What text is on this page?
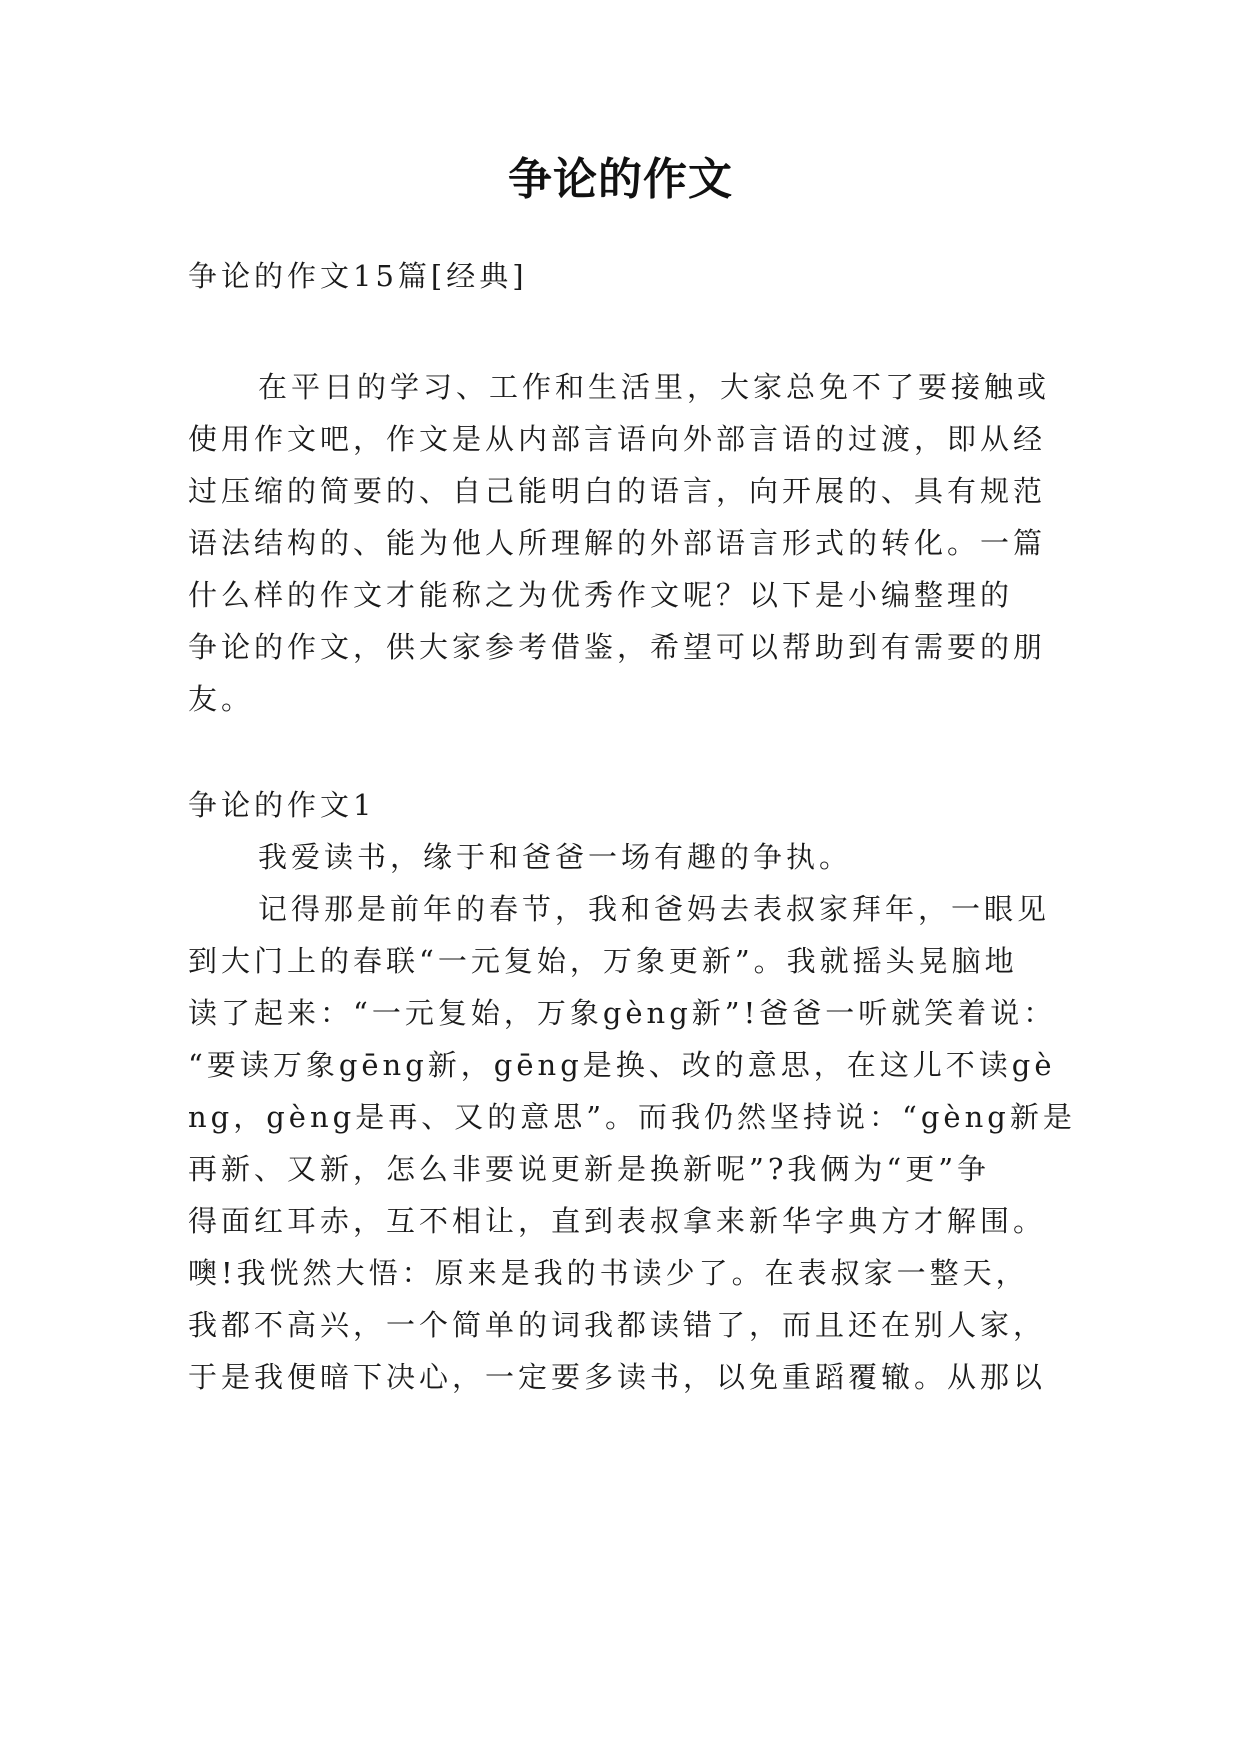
争论的作文
争论的作文15篇[经典]
在平日的学习、工作和生活里，大家总免不了要接触或
使用作文吧，作文是从内部言语向外部言语的过渡，即从经
过压缩的简要的、自己能明白的语言，向开展的、具有规范
语法结构的、能为他人所理解的外部语言形式的转化。一篇
什么样的作文才能称之为优秀作文呢？以下是小编整理的
争论的作文，供大家参考借鉴，希望可以帮助到有需要的朋
友。
争论的作文1
我爱读书，缘于和爸爸一场有趣的争执。
记得那是前年的春节，我和爸妈去表叔家拜年，一眼见
到大门上的春联“一元复始，万象更新”。我就摇头晃脑地
读了起来：“一元复始，万象gèng新”!爸爸一听就笑着说：
“要读万象gēng新，gēng是换、改的意思，在这儿不读gè
ng，gèng是再、又的意思”。而我仍然坚持说：“gèng新是
再新、又新，怎么非要说更新是换新呢”?我俩为“更”争
得面红耳赤，互不相让，直到表叔拿来新华字典方才解围。
噢!我恍然大悟：原来是我的书读少了。在表叔家一整天，
我都不高兴，一个简单的词我都读错了，而且还在别人家，
于是我便暗下决心，一定要多读书，以免重蹈覆辙。从那以
